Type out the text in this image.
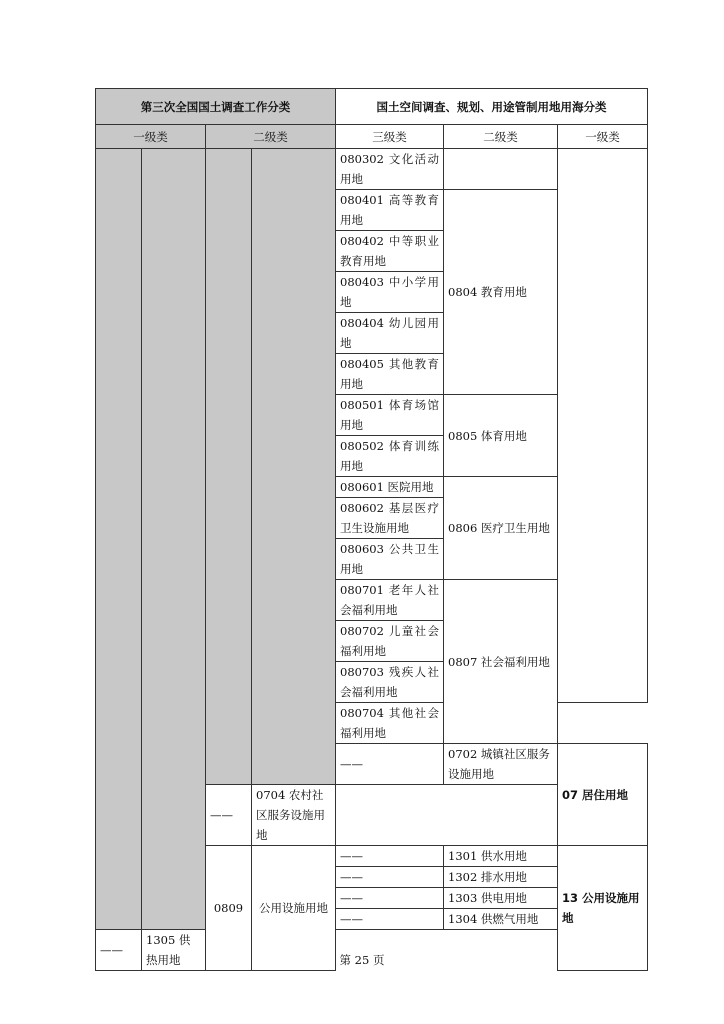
第三次全国国土调查工作分类				国土空间调查、规划、用途管制用地用海分类		
一级类		二级类		三级类	二级类	一级类
				080302 文化活动用地		
				080401 高等教育用地	0804 教育用地	
				080402 中等职业教育用地		
				080403 中小学用地		
				080404 幼儿园用地		
				080405 其他教育用地		
				080501 体育场馆用地	0805 体育用地	
				080502 体育训练用地		
				080601 医院用地	0806 医疗卫生用地	
				080602 基层医疗卫生设施用地		
				080603 公共卫生用地		
				080701 老年人社会福利用地	0807 社会福利用地	
				080702 儿童社会福利用地		
				080703 残疾人社会福利用地		
				080704 其他社会福利用地		
				——	0702 城镇社区服务设施用地	07 居住用地
		——	0704 农村社区服务设施用地			
		0809	公用设施用地	——	1301 供水用地	13 公用设施用地
				——	1302 排水用地	
				——	1303 供电用地	
				——	1304 供燃气用地	
——	1305 供热用地						第 25 页
